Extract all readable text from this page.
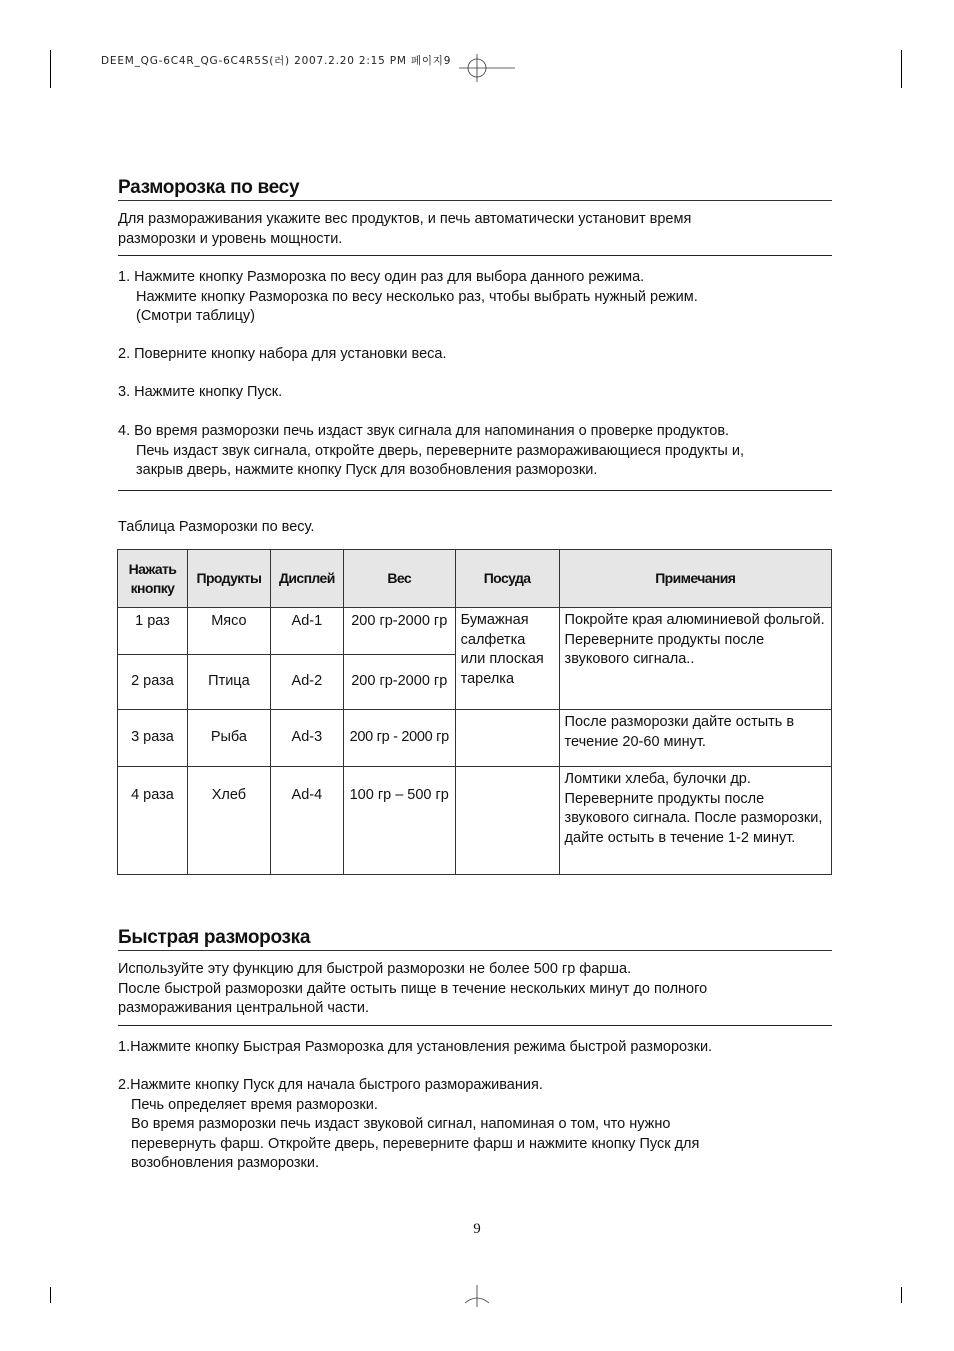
DEEM_QG-6C4R_QG-6C4R5S(러) 2007.2.20 2:15 PM 페이지9
Разморозка по весу
Для размораживания укажите вес продуктов, и печь автоматически установит время
разморозки и уровень мощности.
1. Нажмите кнопку Разморозка по весу один раз для выбора данного режима.
Нажмите кнопку Разморозка по весу несколько раз, чтобы выбрать нужный режим.
(Смотри таблицу)
2. Поверните кнопку набора для установки веса.
3. Нажмите кнопку Пуск.
4. Во время разморозки печь издаст звук сигнала для напоминания о проверке продуктов.
Печь издаст звук сигнала, откройте дверь, переверните размораживающиеся продукты и,
закрыв дверь, нажмите кнопку Пуск для возобновления разморозки.
Таблица Разморозки по весу.
Нажать кнопку	Продукты	Дисплей	Вес	Посуда	Примечания
1 раз	Мясо	Ad-1	200 гр-2000 гр	Бумажная салфетка или плоская тарелка	Покройте края алюминиевой фольгой. Переверните продукты после звукового сигнала..
2 раза	Птица	Ad-2	200 гр-2000 гр		
3 раза	Рыба	Ad-3	200 гр - 2000 гр		После разморозки дайте остыть в течение 20-60 минут.
4 раза	Хлеб	Ad-4	100 гр – 500 гр		Ломтики хлеба, булочки др. Переверните продукты после звукового сигнала. После разморозки, дайте остыть в течение 1-2 минут.
Быстрая разморозка
Используйте эту функцию для быстрой разморозки не более 500 гр фарша.
После быстрой разморозки дайте остыть пище в течение нескольких минут до полного
размораживания центральной части.
1.Нажмите кнопку Быстрая Разморозка для установления режима быстрой разморозки.
2.Нажмите кнопку Пуск для начала быстрого размораживания.
Печь определяет время разморозки.
Во время разморозки печь издаст звуковой сигнал, напоминая о том, что нужно
перевернуть фарш. Откройте дверь, переверните фарш и нажмите кнопку Пуск для
возобновления разморозки.
9
